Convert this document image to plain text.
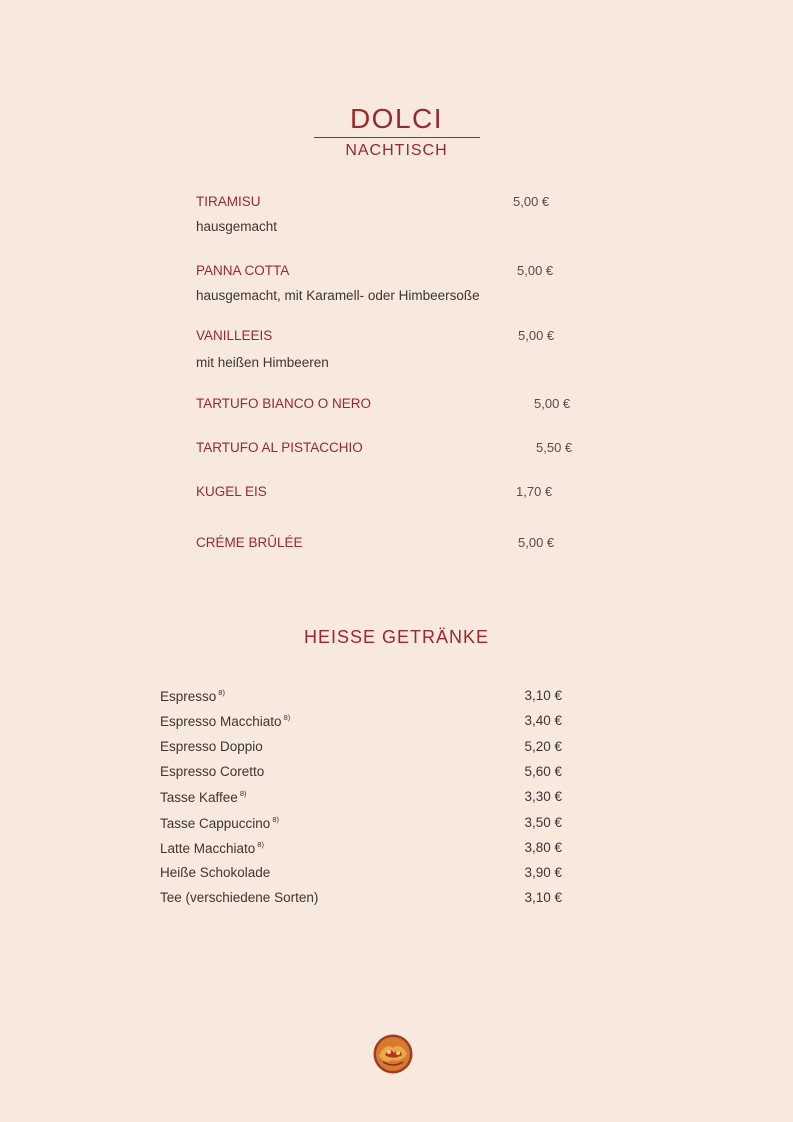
DOLCI
NACHTISCH
TIRAMISU	5,00 €
hausgemacht
PANNA COTTA	5,00 €
hausgemacht, mit Karamell- oder Himbeersoße
VANILLEEIS	5,00 €
mit heißen Himbeeren
TARTUFO BIANCO O NERO	5,00 €
TARTUFO AL PISTACCHIO	5,50 €
KUGEL EIS	1,70 €
CRÉME BRÛLÉE	5,00 €
HEISSE GETRÄNKE
Espresso $^{8)}$	3,10 €
Espresso Macchiato $^{8)}$	3,40 €
Espresso Doppio	5,20 €
Espresso Coretto	5,60 €
Tasse Kaffee $^{8)}$	3,30 €
Tasse Cappuccino $^{8)}$	3,50 €
Latte Macchiato $^{8)}$	3,80 €
Heiße Schokolade	3,90 €
Tee (verschiedene Sorten)	3,10 €
